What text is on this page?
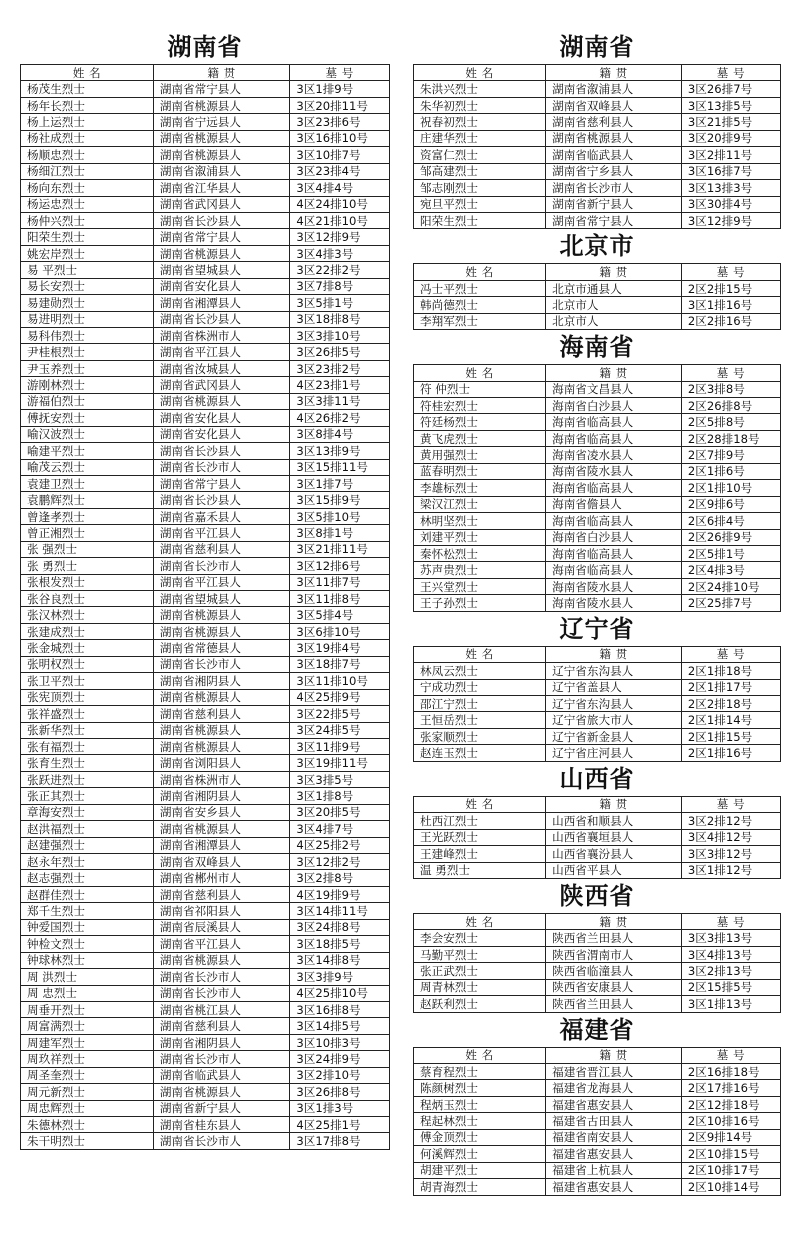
湖南省
姓 名	籍 贯	墓 号
杨茂生烈士	湖南省常宁县人	3区1排9号
杨年长烈士	湖南省桃源县人	3区20排11号
杨上运烈士	湖南省宁远县人	3区23排6号
杨社成烈士	湖南省桃源县人	3区16排10号
杨顺忠烈士	湖南省桃源县人	3区10排7号
杨细江烈士	湖南省溆浦县人	3区23排4号
杨向东烈士	湖南省江华县人	3区4排4号
杨运忠烈士	湖南省武冈县人	4区24排10号
杨仲兴烈士	湖南省长沙县人	4区21排10号
阳荣生烈士	湖南省常宁县人	3区12排9号
姚宏岸烈士	湖南省桃源县人	3区4排3号
易 平烈士	湖南省望城县人	3区22排2号
易长安烈士	湖南省安化县人	3区7排8号
易建勋烈士	湖南省湘潭县人	3区5排1号
易进明烈士	湖南省长沙县人	3区18排8号
易科伟烈士	湖南省株洲市人	3区3排10号
尹桂根烈士	湖南省平江县人	3区26排5号
尹玉养烈士	湖南省汝城县人	3区23排2号
游刚林烈士	湖南省武冈县人	4区23排1号
游福伯烈士	湖南省桃源县人	3区3排11号
傅抚安烈士	湖南省安化县人	4区26排2号
喻汉波烈士	湖南省安化县人	3区8排4号
喻建平烈士	湖南省长沙县人	3区13排9号
喻茂云烈士	湖南省长沙市人	3区15排11号
袁建卫烈士	湖南省常宁县人	3区1排7号
袁鹏辉烈士	湖南省长沙县人	3区15排9号
曾逢孝烈士	湖南省嘉禾县人	3区5排10号
曾正湘烈士	湖南省平江县人	3区8排1号
张 强烈士	湖南省慈利县人	3区21排11号
张 勇烈士	湖南省长沙市人	3区12排6号
张根发烈士	湖南省平江县人	3区11排7号
张谷良烈士	湖南省望城县人	3区11排8号
张汉林烈士	湖南省桃源县人	3区5排4号
张建成烈士	湖南省桃源县人	3区6排10号
张金城烈士	湖南省常德县人	3区19排4号
张明权烈士	湖南省长沙市人	3区18排7号
张卫平烈士	湖南省湘阴县人	3区11排10号
张宪顶烈士	湖南省桃源县人	4区25排9号
张祥盛烈士	湖南省慈利县人	3区22排5号
张新华烈士	湖南省桃源县人	3区24排5号
张有福烈士	湖南省桃源县人	3区11排9号
张育生烈士	湖南省浏阳县人	3区19排11号
张跃进烈士	湖南省株洲市人	3区3排5号
张正其烈士	湖南省湘阴县人	3区1排8号
章海安烈士	湖南省安乡县人	3区20排5号
赵洪福烈士	湖南省桃源县人	3区4排7号
赵建强烈士	湖南省湘潭县人	4区25排2号
赵永年烈士	湖南省双峰县人	3区12排2号
赵志强烈士	湖南省郴州市人	3区2排8号
赵群佳烈士	湖南省慈利县人	4区19排9号
郑千生烈士	湖南省祁阳县人	3区14排11号
钟爱国烈士	湖南省辰溪县人	3区24排8号
钟检文烈士	湖南省平江县人	3区18排5号
钟球林烈士	湖南省桃源县人	3区14排8号
周 洪烈士	湖南省长沙市人	3区3排9号
周 忠烈士	湖南省长沙市人	4区25排10号
周垂开烈士	湖南省桃江县人	3区16排8号
周富满烈士	湖南省慈利县人	3区14排5号
周建军烈士	湖南省湘阴县人	3区10排3号
周玖祥烈士	湖南省长沙市人	3区24排9号
周圣奎烈士	湖南省临武县人	3区2排10号
周元新烈士	湖南省桃源县人	3区26排8号
周忠辉烈士	湖南省新宁县人	3区1排3号
朱德林烈士	湖南省桂东县人	4区25排1号
朱干明烈士	湖南省长沙市人	3区17排8号
湖南省
姓 名	籍 贯	墓 号
朱洪兴烈士	湖南省溆浦县人	3区26排7号
朱华初烈士	湖南省双峰县人	3区13排5号
祝春初烈士	湖南省慈利县人	3区21排5号
庄建华烈士	湖南省桃源县人	3区20排9号
资富仁烈士	湖南省临武县人	3区2排11号
邹高建烈士	湖南省宁乡县人	3区16排7号
邹志刚烈士	湖南省长沙市人	3区13排3号
宛旦平烈士	湖南省新宁县人	3区30排4号
阳荣生烈士	湖南省常宁县人	3区12排9号
北京市
姓 名	籍 贯	墓 号
冯士平烈士	北京市通县人	2区2排15号
韩尚德烈士	北京市人	3区1排16号
李翔军烈士	北京市人	2区2排16号
海南省
姓 名	籍 贯	墓 号
符 仲烈士	海南省文昌县人	2区3排8号
符桂宏烈士	海南省白沙县人	2区26排8号
符廷杨烈士	海南省临高县人	2区5排8号
黄飞虎烈士	海南省临高县人	2区28排18号
黄用强烈士	海南省凌水县人	2区7排9号
蓝春明烈士	海南省陵水县人	2区1排6号
李雄标烈士	海南省临高县人	2区1排10号
梁汉江烈士	海南省儋县人	2区9排6号
林明坚烈士	海南省临高县人	2区6排4号
刘建平烈士	海南省白沙县人	2区26排9号
秦怀松烈士	海南省临高县人	2区5排1号
苏声贵烈士	海南省临高县人	2区4排3号
王兴堂烈士	海南省陵水县人	2区24排10号
王子孙烈士	海南省陵水县人	2区25排7号
辽宁省
姓 名	籍 贯	墓 号
林凤云烈士	辽宁省东沟县人	2区1排18号
宁成功烈士	辽宁省盖县人	2区1排17号
邵江宁烈士	辽宁省东沟县人	2区2排18号
王恒岳烈士	辽宁省旅大市人	2区1排14号
张家顺烈士	辽宁省新金县人	2区1排15号
赵连玉烈士	辽宁省庄河县人	2区1排16号
山西省
姓 名	籍 贯	墓 号
杜西江烈士	山西省和顺县人	3区2排12号
王光跃烈士	山西省襄垣县人	3区4排12号
王建峰烈士	山西省襄汾县人	3区3排12号
温 勇烈士	山西省平县人	3区1排12号
陕西省
姓 名	籍 贯	墓 号
李会安烈士	陕西省兰田县人	3区3排13号
马勤平烈士	陕西省渭南市人	3区4排13号
张正武烈士	陕西省临潼县人	3区2排13号
周青林烈士	陕西省安康县人	2区15排5号
赵跃利烈士	陕西省兰田县人	3区1排13号
福建省
姓 名	籍 贯	墓 号
蔡育程烈士	福建省晋江县人	2区16排18号
陈颜树烈士	福建省龙海县人	2区17排16号
程炳玉烈士	福建省惠安县人	2区12排18号
程起林烈士	福建省古田县人	2区10排16号
傅金顶烈士	福建省南安县人	2区9排14号
何溪辉烈士	福建省惠安县人	2区10排15号
胡建平烈士	福建省上杭县人	2区10排17号
胡青海烈士	福建省惠安县人	2区10排14号
